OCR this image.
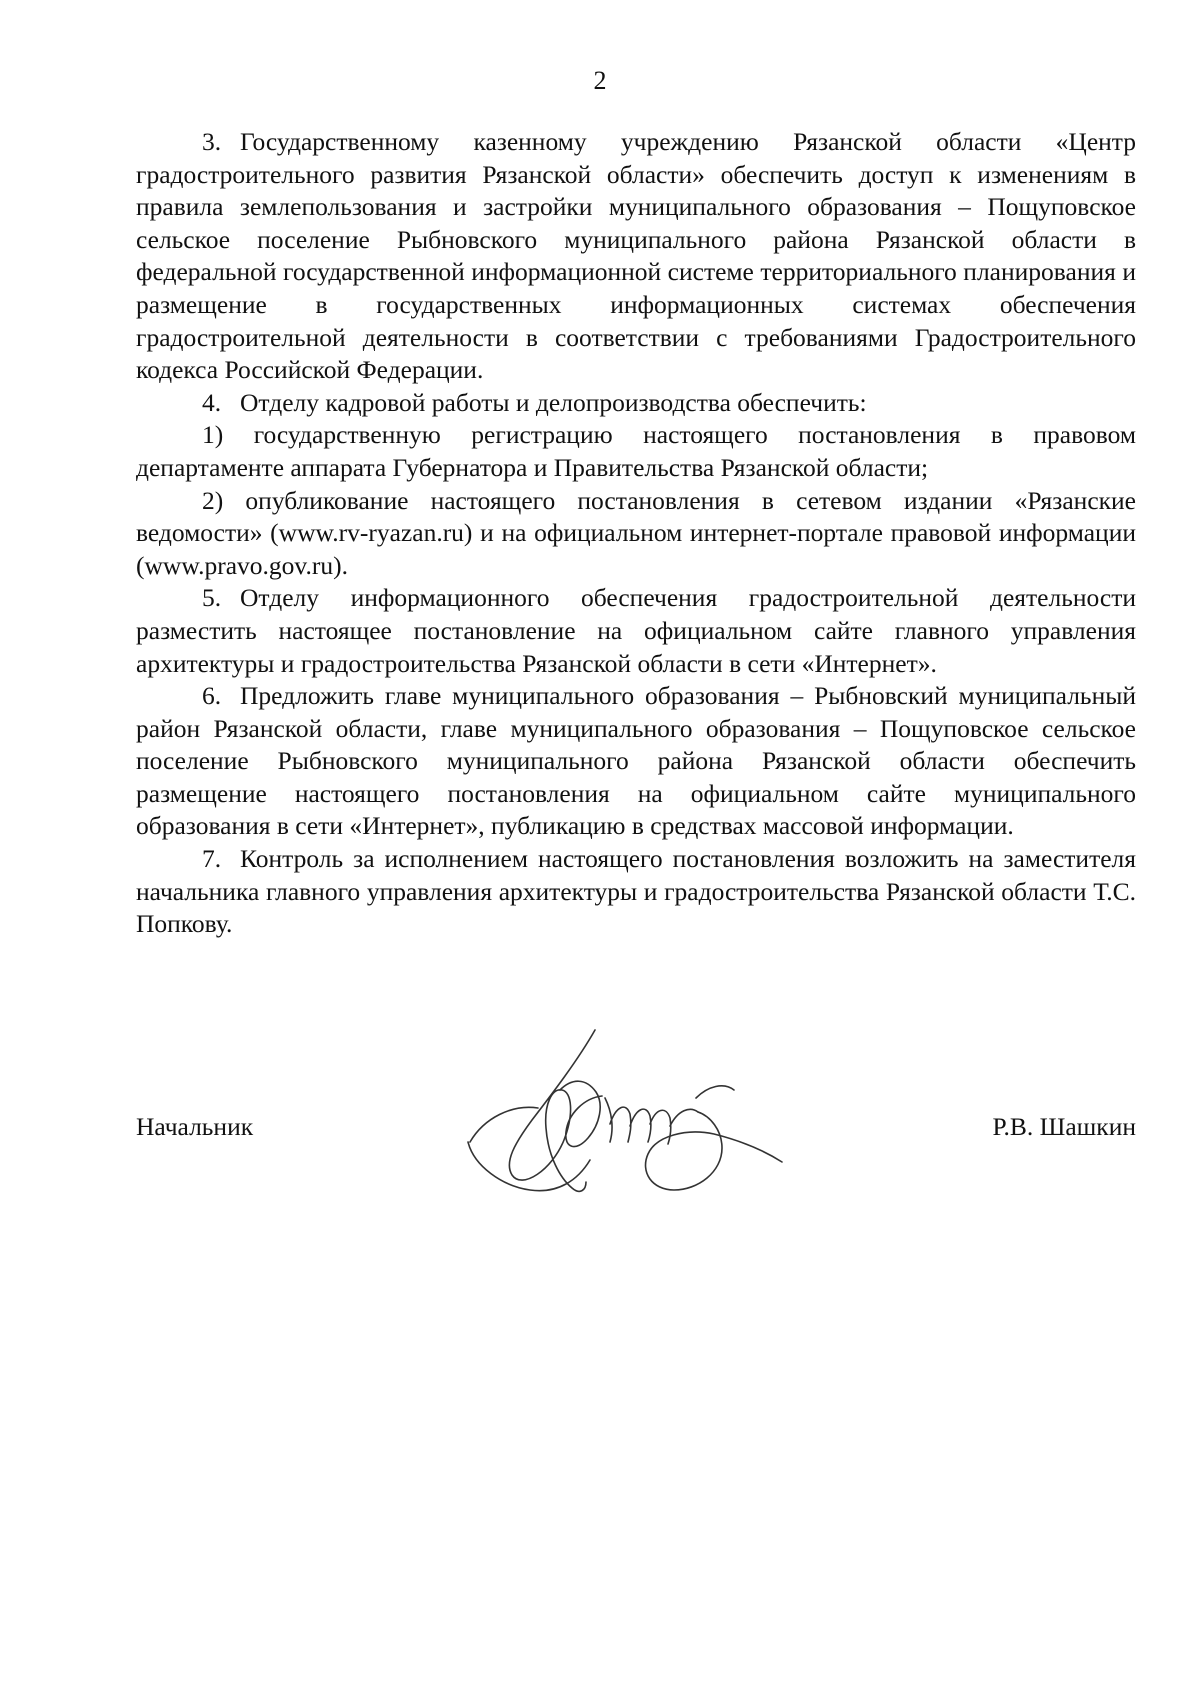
2

3. Государственному казенному учреждению Рязанской области «Центр градостроительного развития Рязанской области» обеспечить доступ к изменениям в правила землепользования и застройки муниципального образования – Пощуповское сельское поселение Рыбновского муниципального района Рязанской области в федеральной государственной информационной системе территориального планирования и размещение в государственных информационных системах обеспечения градостроительной деятельности в соответствии с требованиями Градостроительного кодекса Российской Федерации.

4. Отделу кадровой работы и делопроизводства обеспечить:

1) государственную регистрацию настоящего постановления в правовом департаменте аппарата Губернатора и Правительства Рязанской области;

2) опубликование настоящего постановления в сетевом издании «Рязанские ведомости» (www.rv-ryazan.ru) и на официальном интернет-портале правовой информации (www.pravo.gov.ru).

5. Отделу информационного обеспечения градостроительной деятельности разместить настоящее постановление на официальном сайте главного управления архитектуры и градостроительства Рязанской области в сети «Интернет».

6. Предложить главе муниципального образования – Рыбновский муниципальный район Рязанской области, главе муниципального образования – Пощуповское сельское поселение Рыбновского муниципального района Рязанской области обеспечить размещение настоящего постановления на официальном сайте муниципального образования в сети «Интернет», публикацию в средствах массовой информации.

7. Контроль за исполнением настоящего постановления возложить на заместителя начальника главного управления архитектуры и градостроительства Рязанской области Т.С. Попкову.

Начальник	Р.В. Шашкин
